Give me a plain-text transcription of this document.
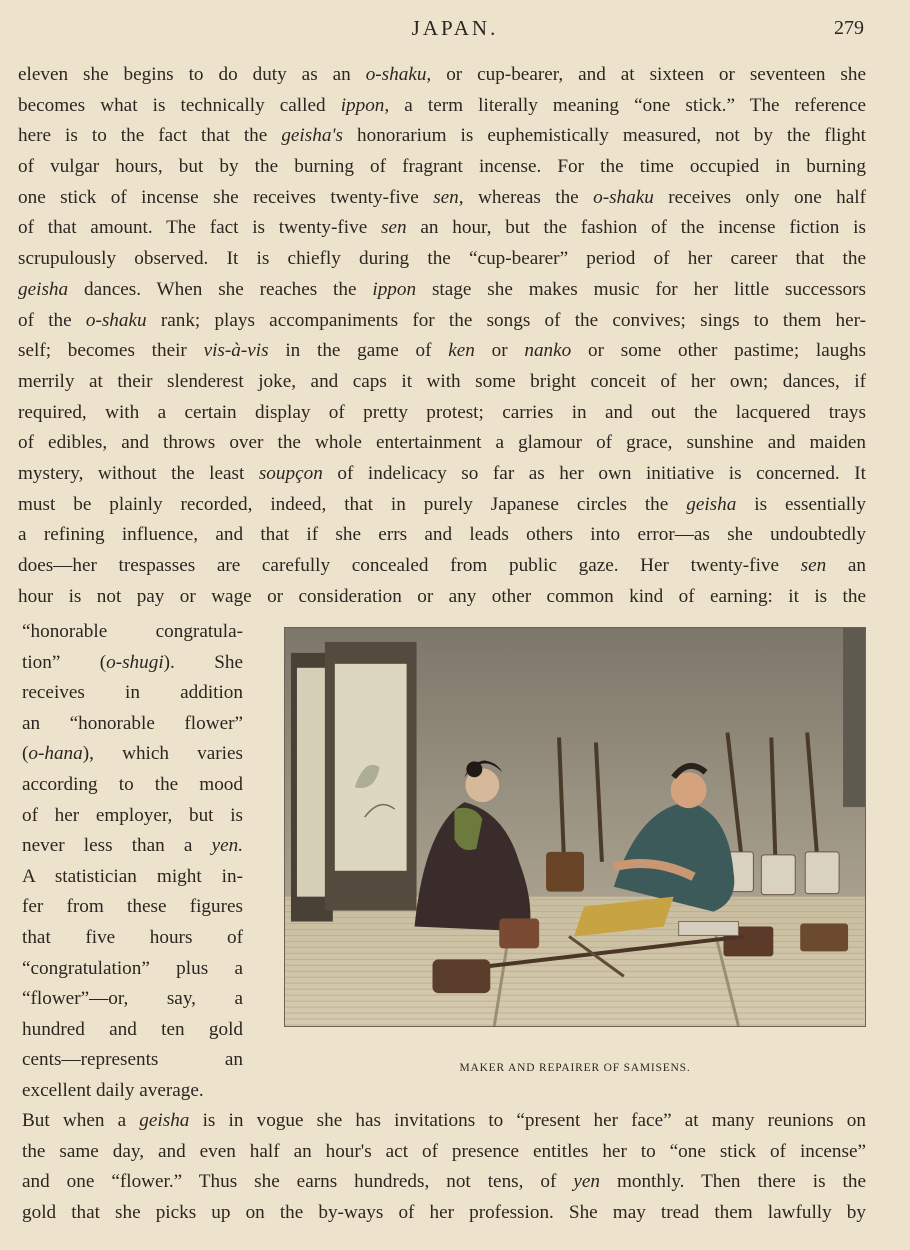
JAPAN.	279
eleven she begins to do duty as an o-shaku, or cup-bearer, and at sixteen or seventeen she
becomes what is technically called ippon, a term literally meaning “one stick.” The reference
here is to the fact that the geisha's honorarium is euphemistically measured, not by the flight
of vulgar hours, but by the burning of fragrant incense. For the time occupied in burning
one stick of incense she receives twenty-five sen, whereas the o-shaku receives only one half
of that amount. The fact is twenty-five sen an hour, but the fashion of the incense fiction is
scrupulously observed. It is chiefly during the “cup-bearer” period of her career that the
geisha dances. When she reaches the ippon stage she makes music for her little successors
of the o-shaku rank; plays accompaniments for the songs of the convives; sings to them her-
self; becomes their vis-à-vis in the game of ken or nanko or some other pastime; laughs
merrily at their slenderest joke, and caps it with some bright conceit of her own; dances, if
required, with a certain display of pretty protest; carries in and out the lacquered trays
of edibles, and throws over the whole entertainment a glamour of grace, sunshine and maiden
mystery, without the least soupçon of indelicacy so far as her own initiative is concerned. It
must be plainly recorded, indeed, that in purely Japanese circles the geisha is essentially
a refining influence, and that if she errs and leads others into error—as she undoubtedly
does—her trespasses are carefully concealed from public gaze. Her twenty-five sen an
hour is not pay or wage or consideration or any other common kind of earning: it is the
“honorable congratula-
tion” (o-shugi). She
receives in addition
an “honorable flower”
(o-hana), which varies
according to the mood
of her employer, but is
never less than a yen.
A statistician might in-
fer from these figures
that five hours of
“congratulation” plus a
“flower”—or, say, a
hundred and ten gold
cents—represents an
excellent daily average.
MAKER AND REPAIRER OF SAMISENS.
But when a geisha is in vogue she has invitations to “present her face” at many reunions on
the same day, and even half an hour's act of presence entitles her to “one stick of incense”
and one “flower.” Thus she earns hundreds, not tens, of yen monthly. Then there is the
gold that she picks up on the by-ways of her profession. She may tread them lawfully by
